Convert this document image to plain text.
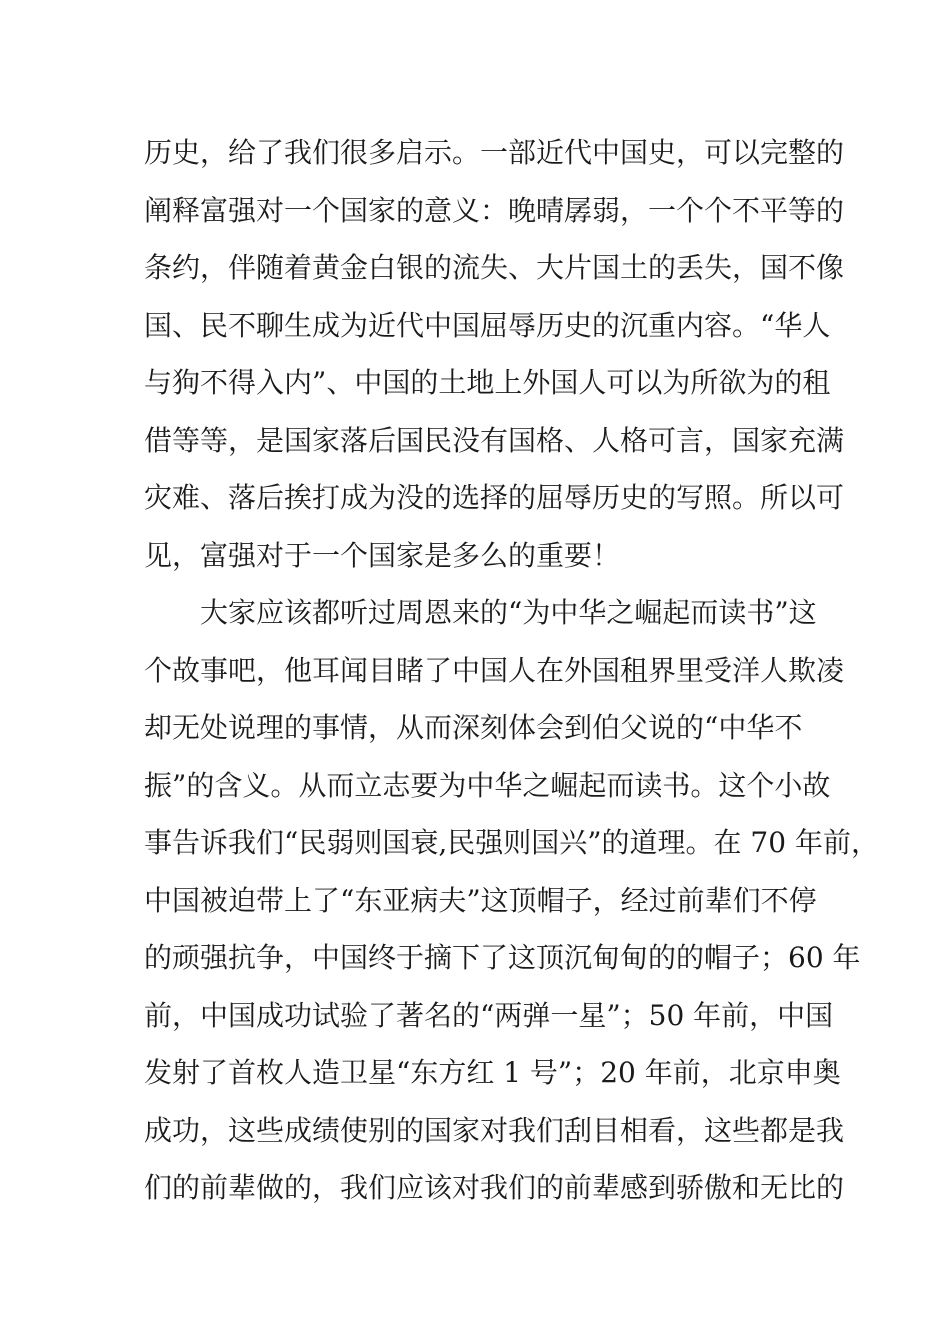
历史，给了我们很多启示。一部近代中国史，可以完整的
阐释富强对一个国家的意义：晚晴孱弱，一个个不平等的
条约，伴随着黄金白银的流失、大片国土的丢失，国不像
国、民不聊生成为近代中国屈辱历史的沉重内容。“华人
与狗不得入内”、中国的土地上外国人可以为所欲为的租
借等等，是国家落后国民没有国格、人格可言，国家充满
灾难、落后挨打成为没的选择的屈辱历史的写照。所以可
见，富强对于一个国家是多么的重要！
　　大家应该都听过周恩来的“为中华之崛起而读书”这
个故事吧，他耳闻目睹了中国人在外国租界里受洋人欺凌
却无处说理的事情，从而深刻体会到伯父说的“中华不
振”的含义。从而立志要为中华之崛起而读书。这个小故
事告诉我们“民弱则国衰,民强则国兴”的道理。在 70 年前，
中国被迫带上了“东亚病夫”这顶帽子，经过前辈们不停
的顽强抗争，中国终于摘下了这顶沉甸甸的的帽子；60 年
前，中国成功试验了著名的“两弹一星”；50 年前，中国
发射了首枚人造卫星“东方红 1 号”；20 年前，北京申奥
成功，这些成绩使别的国家对我们刮目相看，这些都是我
们的前辈做的，我们应该对我们的前辈感到骄傲和无比的
